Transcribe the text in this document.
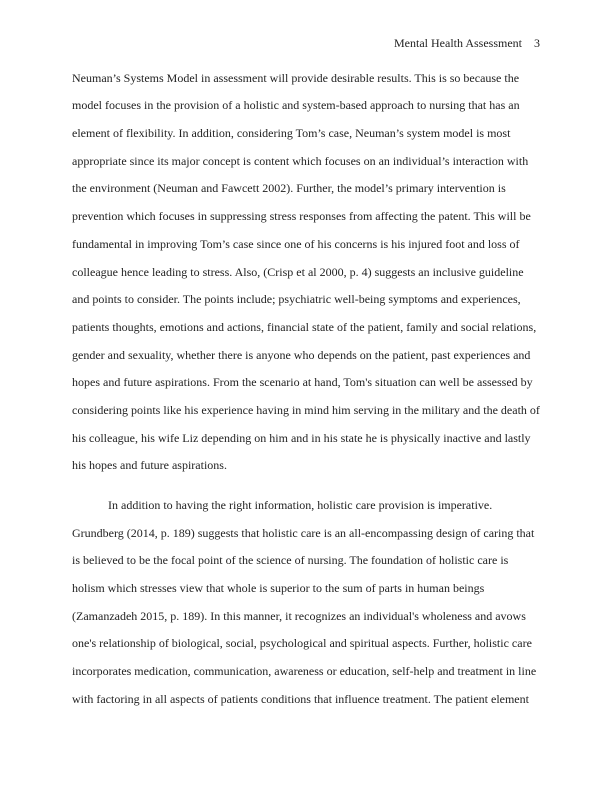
Mental Health Assessment 3
Neuman’s Systems Model in assessment will provide desirable results. This is so because the
model focuses in the provision of a holistic and system-based approach to nursing that has an
element of flexibility. In addition, considering Tom’s case, Neuman’s system model is most
appropriate since its major concept is content which focuses on an individual’s interaction with
the environment (Neuman and Fawcett 2002). Further, the model’s primary intervention is
prevention which focuses in suppressing stress responses from affecting the patent. This will be
fundamental in improving Tom’s case since one of his concerns is his injured foot and loss of
colleague hence leading to stress. Also, (Crisp et al 2000, p. 4) suggests an inclusive guideline
and points to consider. The points include; psychiatric well-being symptoms and experiences,
patients thoughts, emotions and actions, financial state of the patient, family and social relations,
gender and sexuality, whether there is anyone who depends on the patient, past experiences and
hopes and future aspirations. From the scenario at hand, Tom's situation can well be assessed by
considering points like his experience having in mind him serving in the military and the death of
his colleague, his wife Liz depending on him and in his state he is physically inactive and lastly
his hopes and future aspirations.
In addition to having the right information, holistic care provision is imperative.
Grundberg (2014, p. 189) suggests that holistic care is an all-encompassing design of caring that
is believed to be the focal point of the science of nursing. The foundation of holistic care is
holism which stresses view that whole is superior to the sum of parts in human beings
(Zamanzadeh 2015, p. 189). In this manner, it recognizes an individual's wholeness and avows
one's relationship of biological, social, psychological and spiritual aspects. Further, holistic care
incorporates medication, communication, awareness or education, self-help and treatment in line
with factoring in all aspects of patients conditions that influence treatment. The patient element
